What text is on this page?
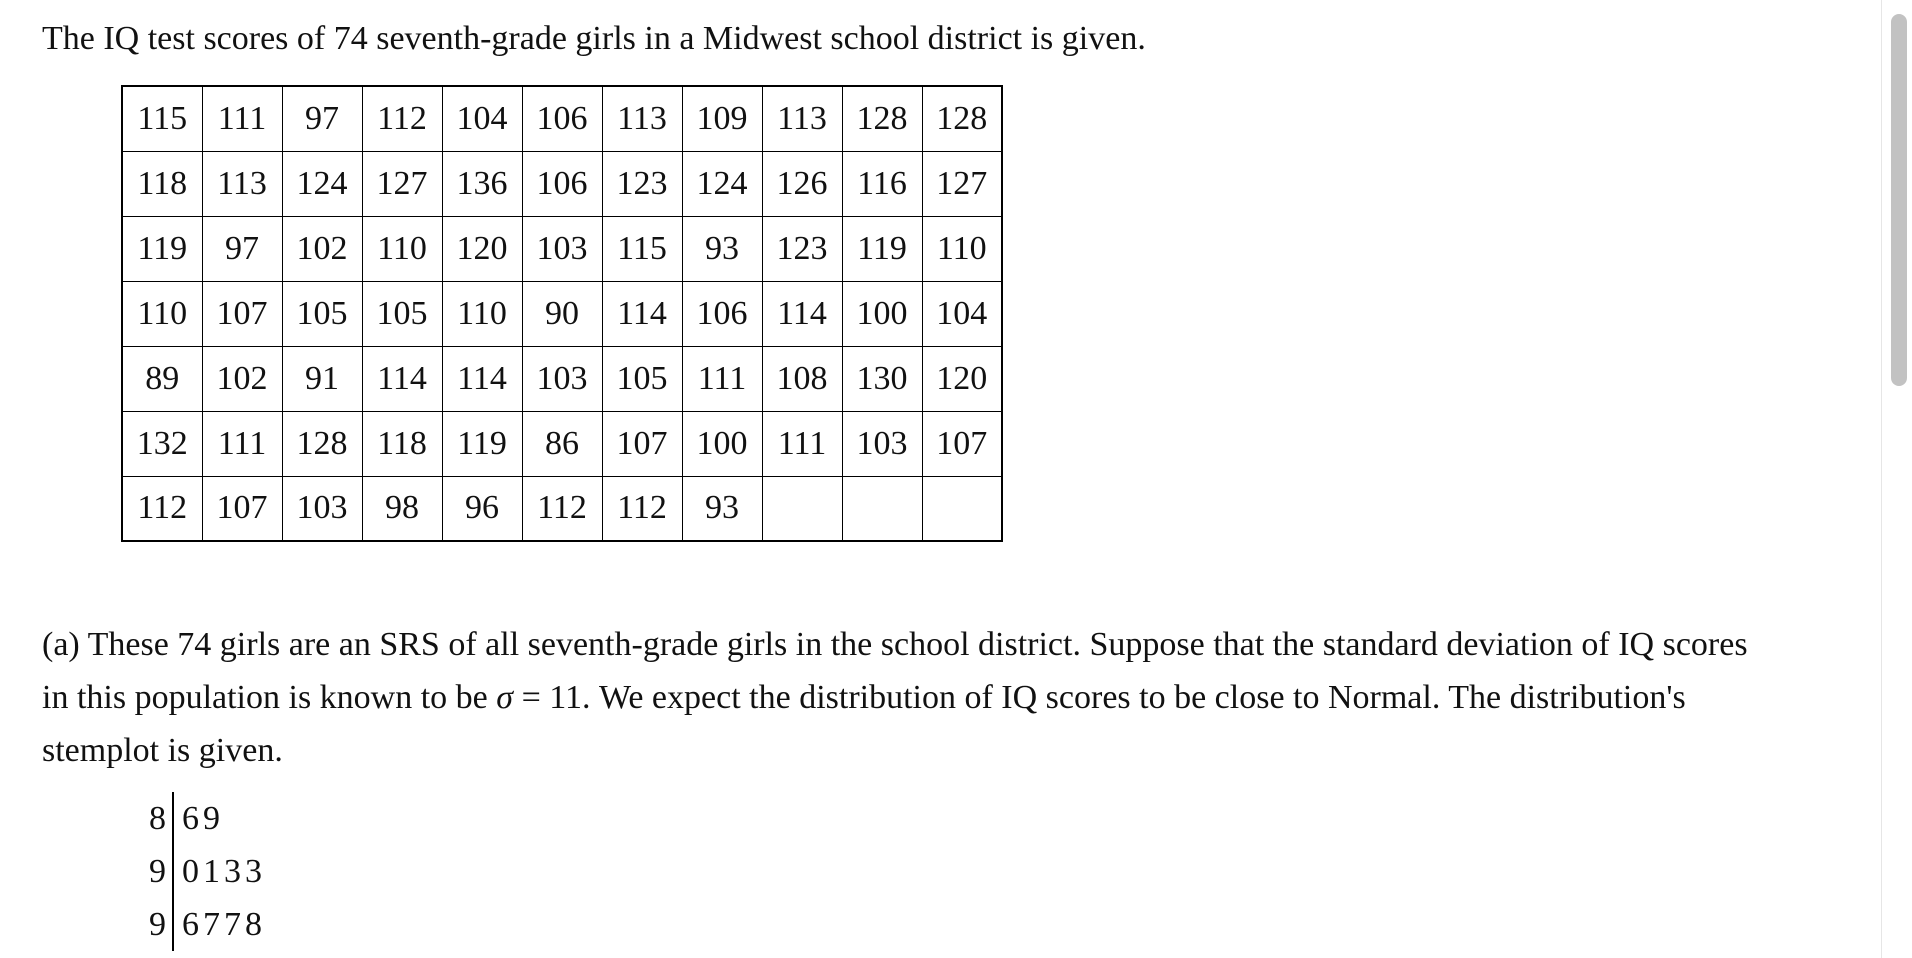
The IQ test scores of 74 seventh-grade girls in a Midwest school district is given.

115	111	97	112	104	106	113	109	113	128	128
118	113	124	127	136	106	123	124	126	116	127
119	97	102	110	120	103	115	93	123	119	110
110	107	105	105	110	90	114	106	114	100	104
89	102	91	114	114	103	105	111	108	130	120
132	111	128	118	119	86	107	100	111	103	107
112	107	103	98	96	112	112	93			

(a) These 74 girls are an SRS of all seventh-grade girls in the school district. Suppose that the standard deviation of IQ scores in this population is known to be σ = 11. We expect the distribution of IQ scores to be close to Normal. The distribution's stemplot is given.

8 69
9 0133
9 6778
